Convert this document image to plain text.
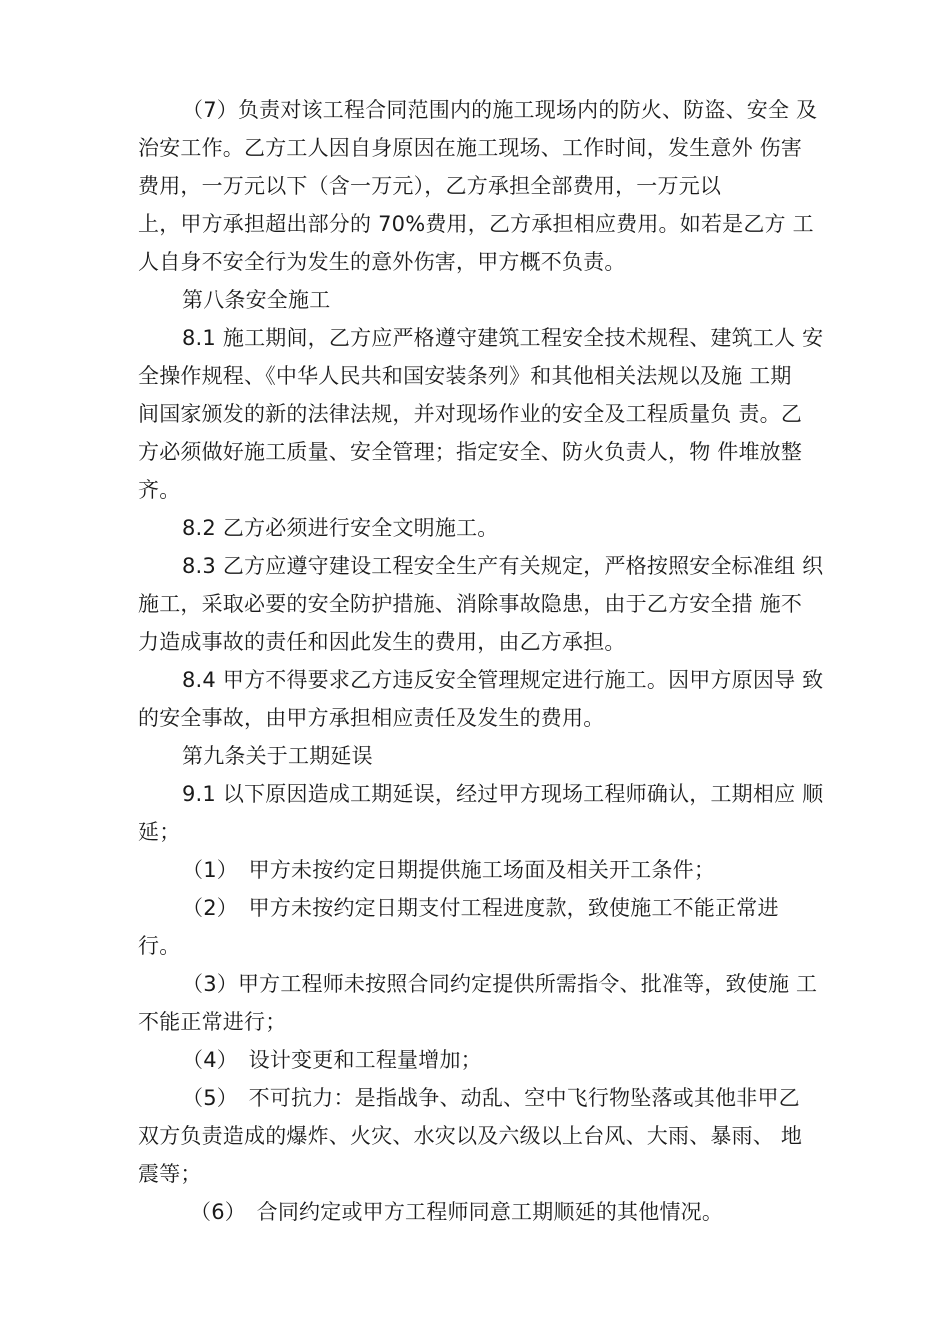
（7）负责对该工程合同范围内的施工现场内的防火、防盗、安全 及
治安工作。乙方工人因自身原因在施工现场、工作时间，发生意外 伤害
费用，一万元以下（含一万元），乙方承担全部费用，一万元以
上，甲方承担超出部分的 70%费用，乙方承担相应费用。如若是乙方 工
人自身不安全行为发生的意外伤害，甲方概不负责。
第八条安全施工
8.1 施工期间，乙方应严格遵守建筑工程安全技术规程、建筑工人 安
全操作规程、《中华人民共和国安装条列》和其他相关法规以及施 工期
间国家颁发的新的法律法规，并对现场作业的安全及工程质量负 责。乙
方必须做好施工质量、安全管理；指定安全、防火负责人，物 件堆放整
齐。
8.2 乙方必须进行安全文明施工。
8.3 乙方应遵守建设工程安全生产有关规定，严格按照安全标准组 织
施工，采取必要的安全防护措施、消除事故隐患，由于乙方安全措 施不
力造成事故的责任和因此发生的费用，由乙方承担。
8.4 甲方不得要求乙方违反安全管理规定进行施工。因甲方原因导 致
的安全事故，由甲方承担相应责任及发生的费用。
第九条关于工期延误
9.1 以下原因造成工期延误，经过甲方现场工程师确认，工期相应 顺
延；
（1）　甲方未按约定日期提供施工场面及相关开工条件；
（2）　甲方未按约定日期支付工程进度款，致使施工不能正常进
行。
（3）甲方工程师未按照合同约定提供所需指令、批准等，致使施 工
不能正常进行；
（4）　设计变更和工程量增加；
（5）　不可抗力：是指战争、动乱、空中飞行物坠落或其他非甲乙
双方负责造成的爆炸、火灾、水灾以及六级以上台风、大雨、暴雨、 地
震等；
（6）　合同约定或甲方工程师同意工期顺延的其他情况。
